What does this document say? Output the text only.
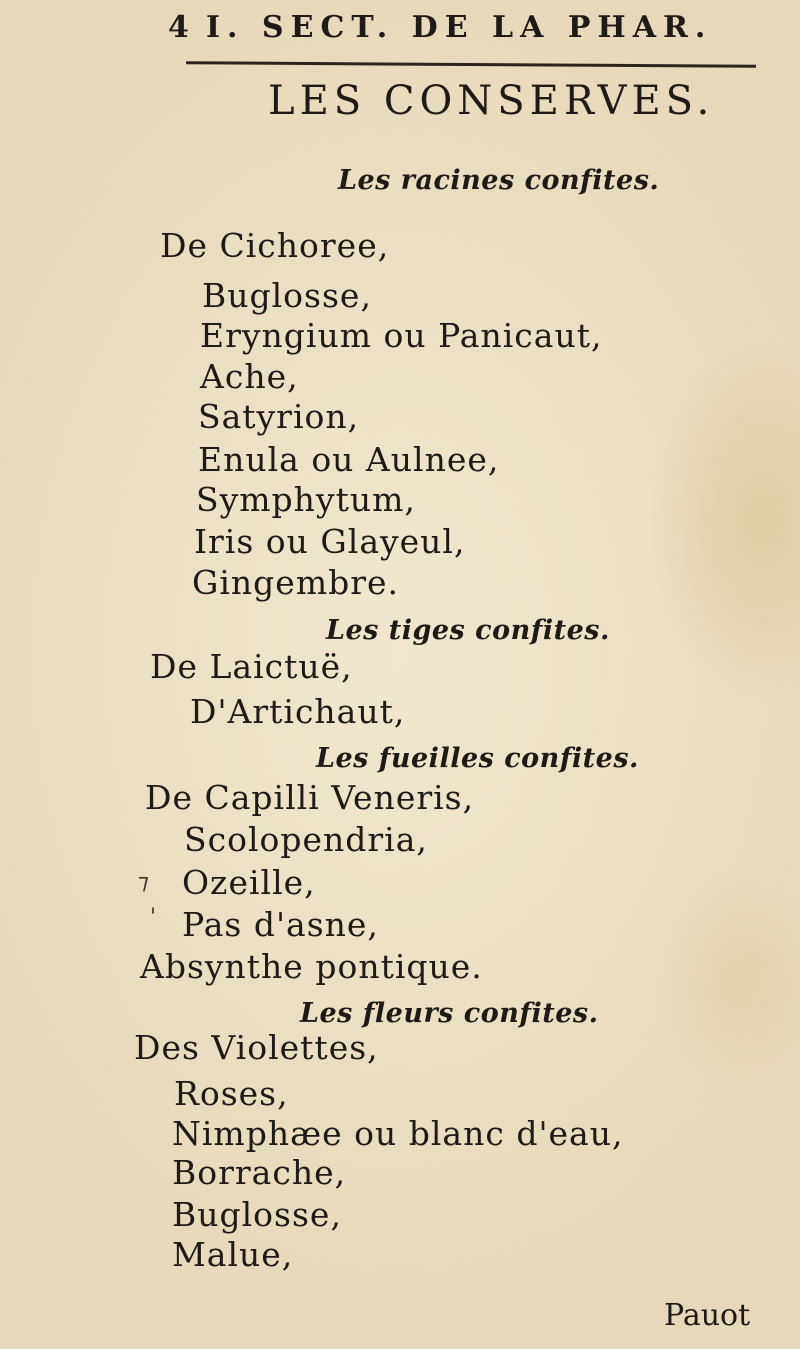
4 I. SECT. DE LA PHAR.
LES CONSERVES.
Les racines confites.
De Cichoree,
Buglosse,
Eryngium ou Panicaut,
Ache,
Satyrion,
Enula ou Aulnee,
Symphytum,
Iris ou Glayeul,
Gingembre.
Les tiges confites.
De Laictuë,
D'Artichaut,
Les fueilles confites.
De Capilli Veneris,
Scolopendria,
⁊ Ozeille,
' Pas d'asne,
Absynthe pontique.
Les fleurs confites.
Des Violettes,
Roses,
Nimphæe ou blanc d'eau,
Borrache,
Buglosse,
Malue,
Pauot
